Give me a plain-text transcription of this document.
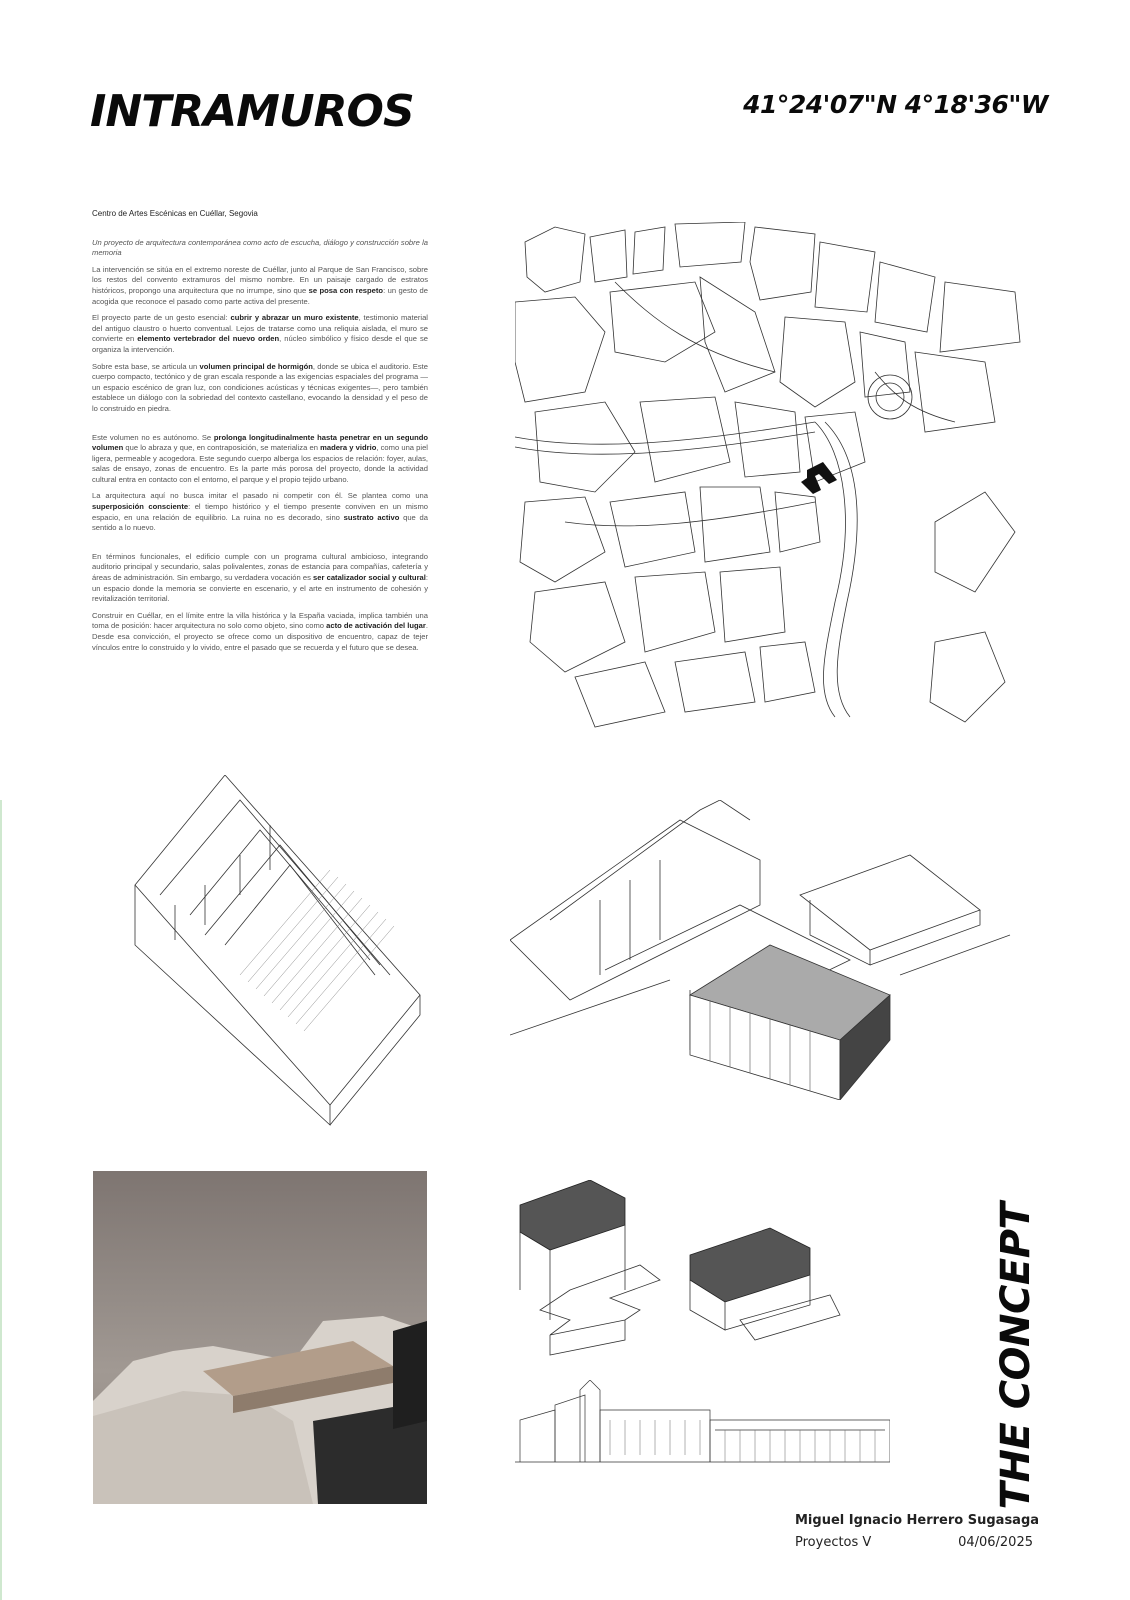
INTRAMUROS	41°24'07"N 4°18'36"W

Centro de Artes Escénicas en Cuéllar, Segovia

Un proyecto de arquitectura contemporánea como acto de escucha, diálogo y construcción sobre la memoria

La intervención se sitúa en el extremo noreste de Cuéllar, junto al Parque de San Francisco, sobre los restos del convento extramuros del mismo nombre. En un paisaje cargado de estratos históricos, propongo una arquitectura que no irrumpe, sino que se posa con respeto: un gesto de acogida que reconoce el pasado como parte activa del presente.

El proyecto parte de un gesto esencial: cubrir y abrazar un muro existente, testimonio material del antiguo claustro o huerto conventual. Lejos de tratarse como una reliquia aislada, el muro se convierte en elemento vertebrador del nuevo orden, núcleo simbólico y físico desde el que se organiza la intervención.

Sobre esta base, se articula un volumen principal de hormigón, donde se ubica el auditorio. Este cuerpo compacto, tectónico y de gran escala responde a las exigencias espaciales del programa —un espacio escénico de gran luz, con condiciones acústicas y técnicas exigentes—, pero también establece un diálogo con la sobriedad del contexto castellano, evocando la densidad y el peso de lo construido en piedra.

Este volumen no es autónomo. Se prolonga longitudinalmente hasta penetrar en un segundo volumen que lo abraza y que, en contraposición, se materializa en madera y vidrio, como una piel ligera, permeable y acogedora. Este segundo cuerpo alberga los espacios de relación: foyer, aulas, salas de ensayo, zonas de encuentro. Es la parte más porosa del proyecto, donde la actividad cultural entra en contacto con el entorno, el parque y el propio tejido urbano.

La arquitectura aquí no busca imitar el pasado ni competir con él. Se plantea como una superposición consciente: el tiempo histórico y el tiempo presente conviven en un mismo espacio, en una relación de equilibrio. La ruina no es decorado, sino sustrato activo que da sentido a lo nuevo.

En términos funcionales, el edificio cumple con un programa cultural ambicioso, integrando auditorio principal y secundario, salas polivalentes, zonas de estancia para compañías, cafetería y áreas de administración. Sin embargo, su verdadera vocación es ser catalizador social y cultural: un espacio donde la memoria se convierte en escenario, y el arte en instrumento de cohesión y revitalización territorial.

Construir en Cuéllar, en el límite entre la villa histórica y la España vaciada, implica también una toma de posición: hacer arquitectura no solo como objeto, sino como acto de activación del lugar. Desde esa convicción, el proyecto se ofrece como un dispositivo de encuentro, capaz de tejer vínculos entre lo construido y lo vivido, entre el pasado que se recuerda y el futuro que se desea.

THE CONCEPT
Miguel Ignacio Herrero Sugasaga
Proyectos V	04/06/2025
